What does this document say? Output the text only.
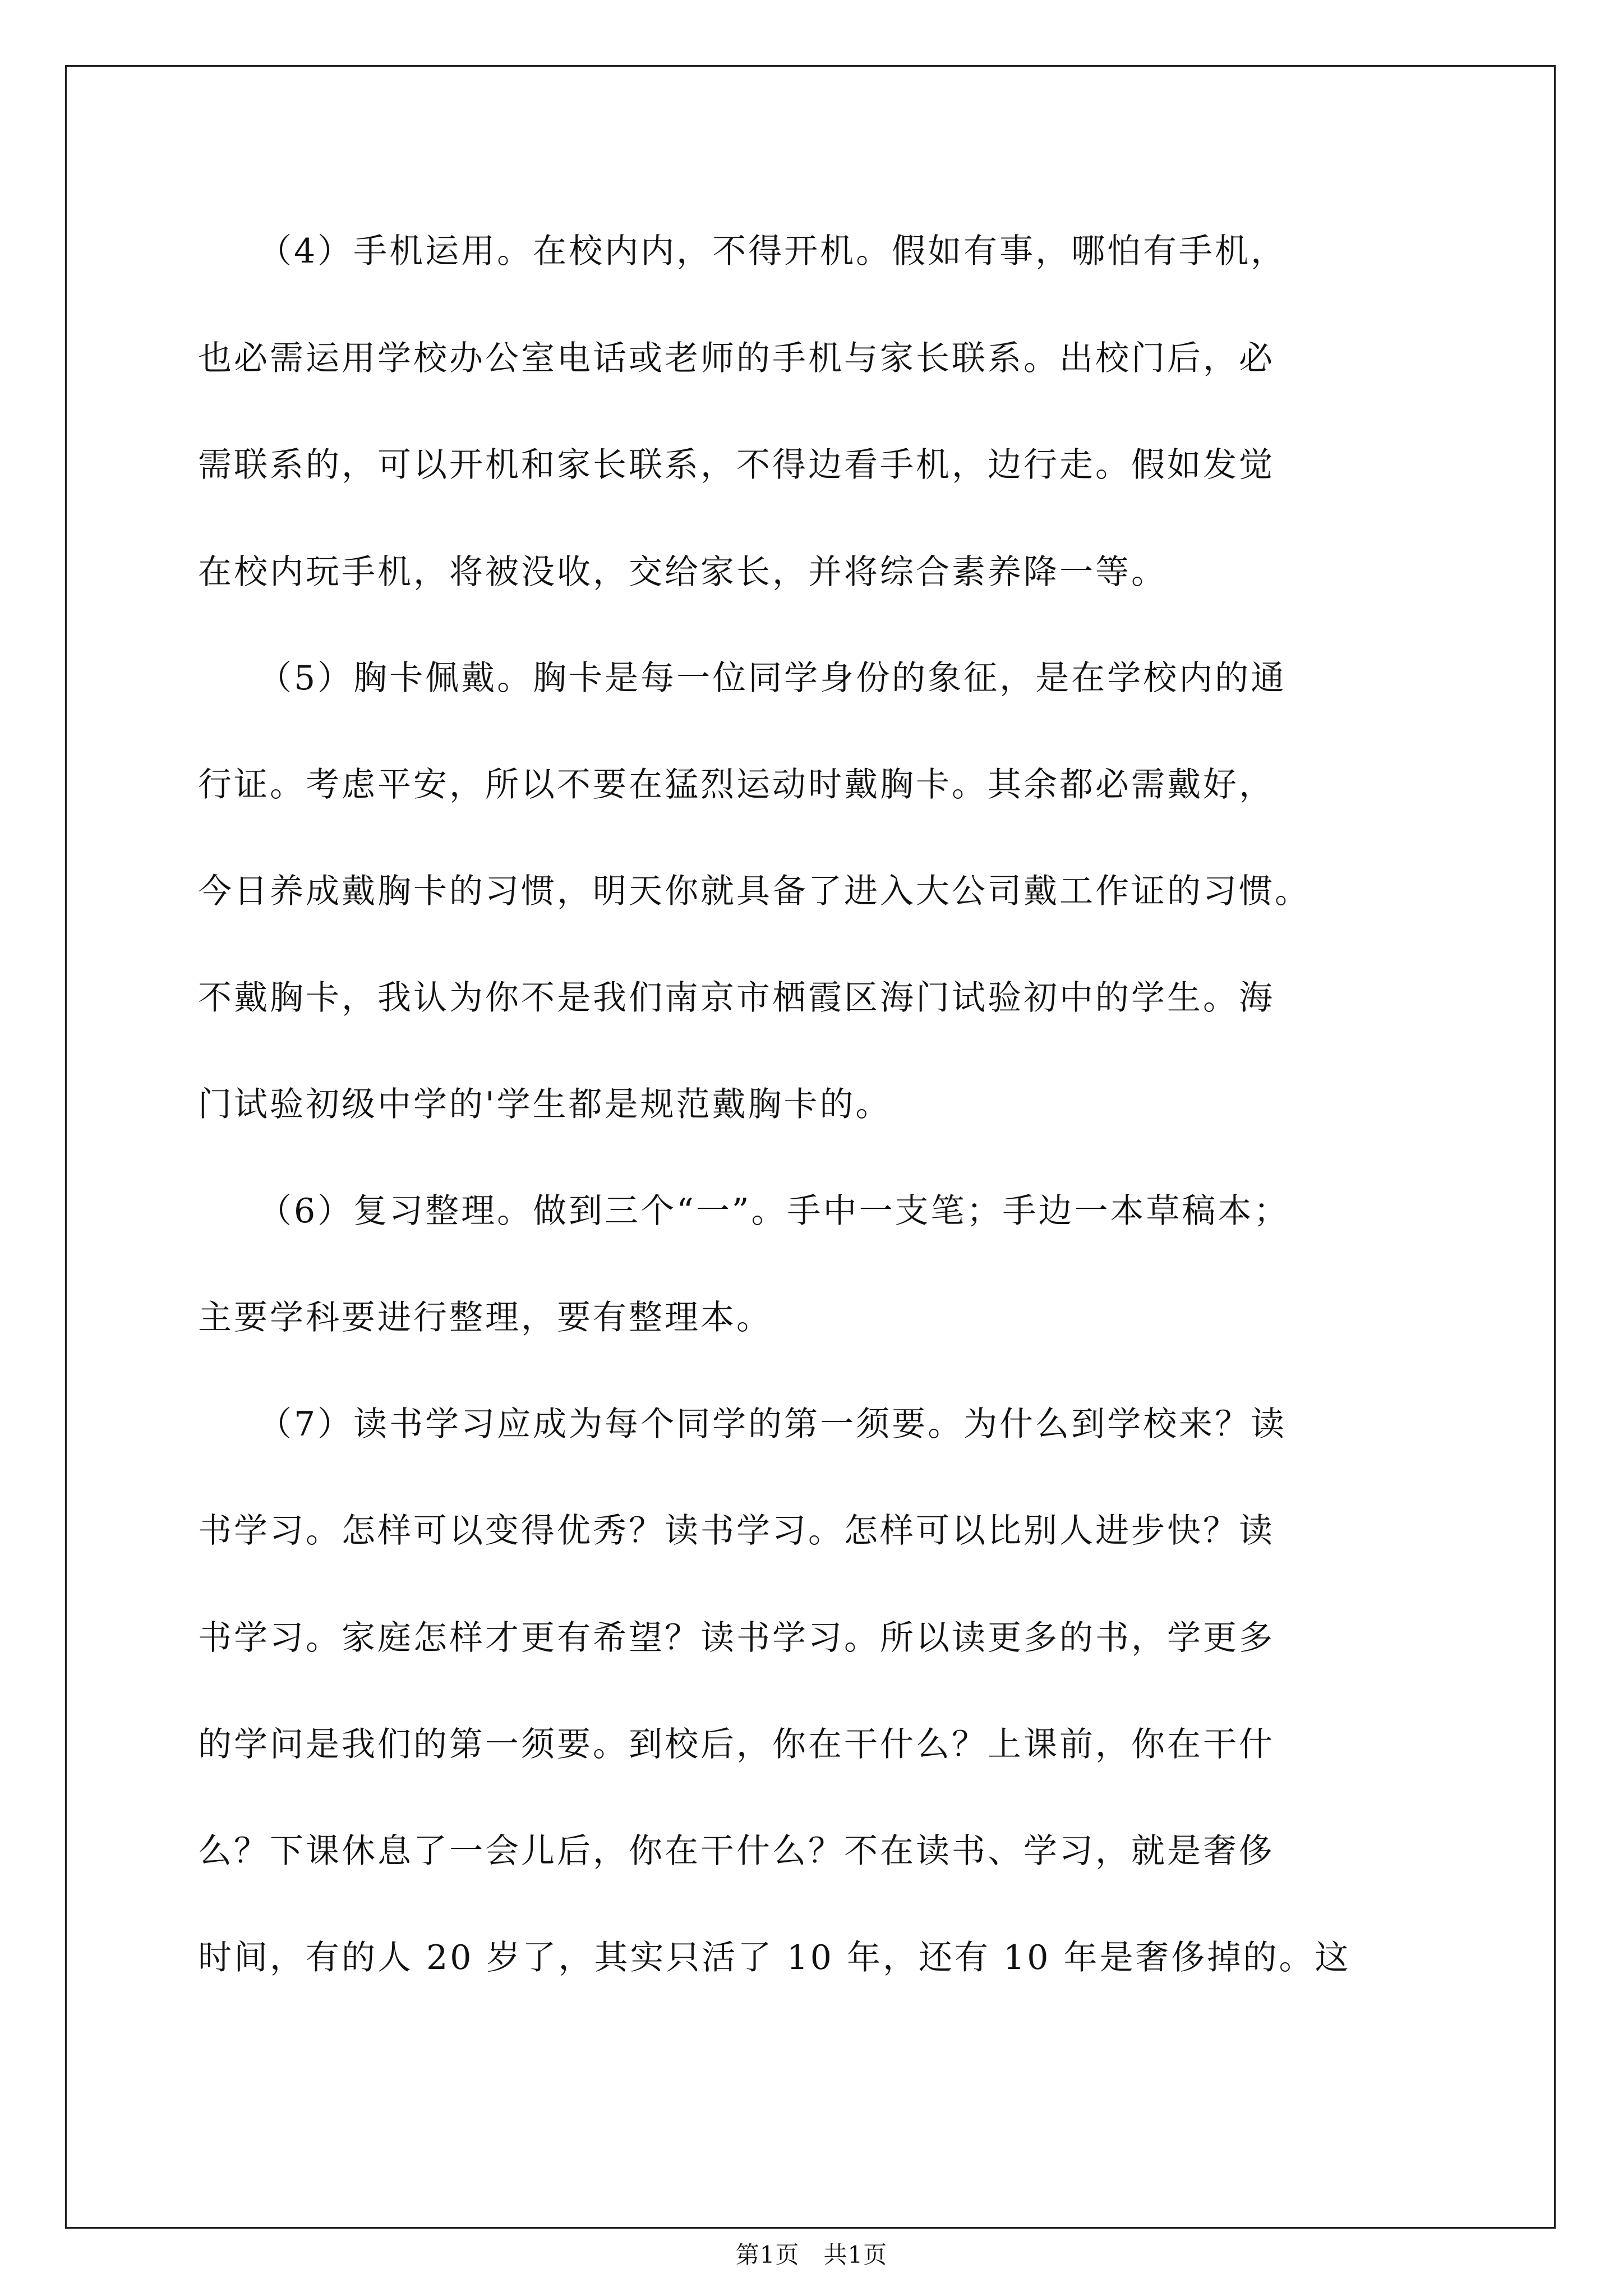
（4）手机运用。在校内内，不得开机。假如有事，哪怕有手机，
也必需运用学校办公室电话或老师的手机与家长联系。出校门后，必
需联系的，可以开机和家长联系，不得边看手机，边行走。假如发觉
在校内玩手机，将被没收，交给家长，并将综合素养降一等。
（5）胸卡佩戴。胸卡是每一位同学身份的象征，是在学校内的通
行证。考虑平安，所以不要在猛烈运动时戴胸卡。其余都必需戴好，
今日养成戴胸卡的习惯，明天你就具备了进入大公司戴工作证的习惯。
不戴胸卡，我认为你不是我们南京市栖霞区海门试验初中的学生。海
门试验初级中学的'学生都是规范戴胸卡的。
（6）复习整理。做到三个“一”。手中一支笔；手边一本草稿本；
主要学科要进行整理，要有整理本。
（7）读书学习应成为每个同学的第一须要。为什么到学校来？读
书学习。怎样可以变得优秀？读书学习。怎样可以比别人进步快？读
书学习。家庭怎样才更有希望？读书学习。所以读更多的书，学更多
的学问是我们的第一须要。到校后，你在干什么？上课前，你在干什
么？下课休息了一会儿后，你在干什么？不在读书、学习，就是奢侈
时间，有的人 20 岁了，其实只活了 10 年，还有 10 年是奢侈掉的。这
第1页   共1页
